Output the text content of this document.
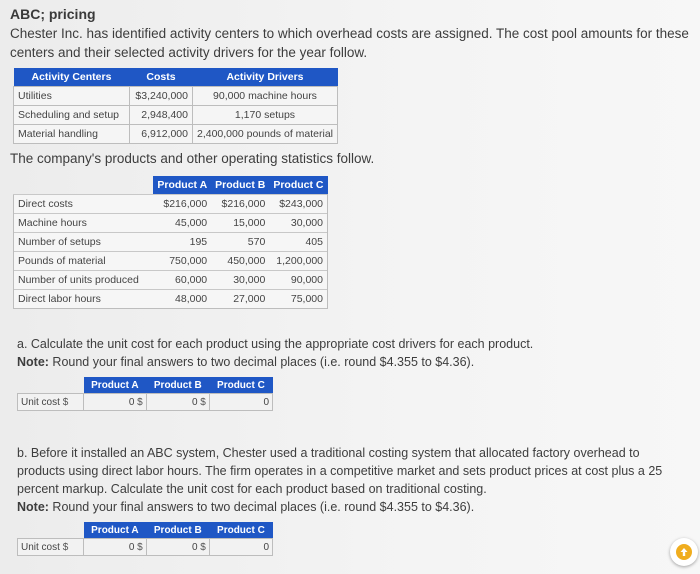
ABC; pricing
Chester Inc. has identified activity centers to which overhead costs are assigned. The cost pool amounts for these centers and their selected activity drivers for the year follow.
Activity Centers	Costs	Activity Drivers
Utilities	$3,240,000	90,000 machine hours
Scheduling and setup	2,948,400	1,170 setups
Material handling	6,912,000	2,400,000 pounds of material
The company's products and other operating statistics follow.
	Product A	Product B	Product C
Direct costs	$216,000	$216,000	$243,000
Machine hours	45,000	15,000	30,000
Number of setups	195	570	405
Pounds of material	750,000	450,000	1,200,000
Number of units produced	60,000	30,000	90,000
Direct labor hours	48,000	27,000	75,000
a. Calculate the unit cost for each product using the appropriate cost drivers for each product.
Note: Round your final answers to two decimal places (i.e. round $4.355 to $4.36).
	Product A	Product B	Product C
Unit cost $	0 $	0 $	0
b. Before it installed an ABC system, Chester used a traditional costing system that allocated factory overhead to products using direct labor hours. The firm operates in a competitive market and sets product prices at cost plus a 25 percent markup. Calculate the unit cost for each product based on traditional costing.
Note: Round your final answers to two decimal places (i.e. round $4.355 to $4.36).
	Product A	Product B	Product C
Unit cost $	0 $	0 $	0
